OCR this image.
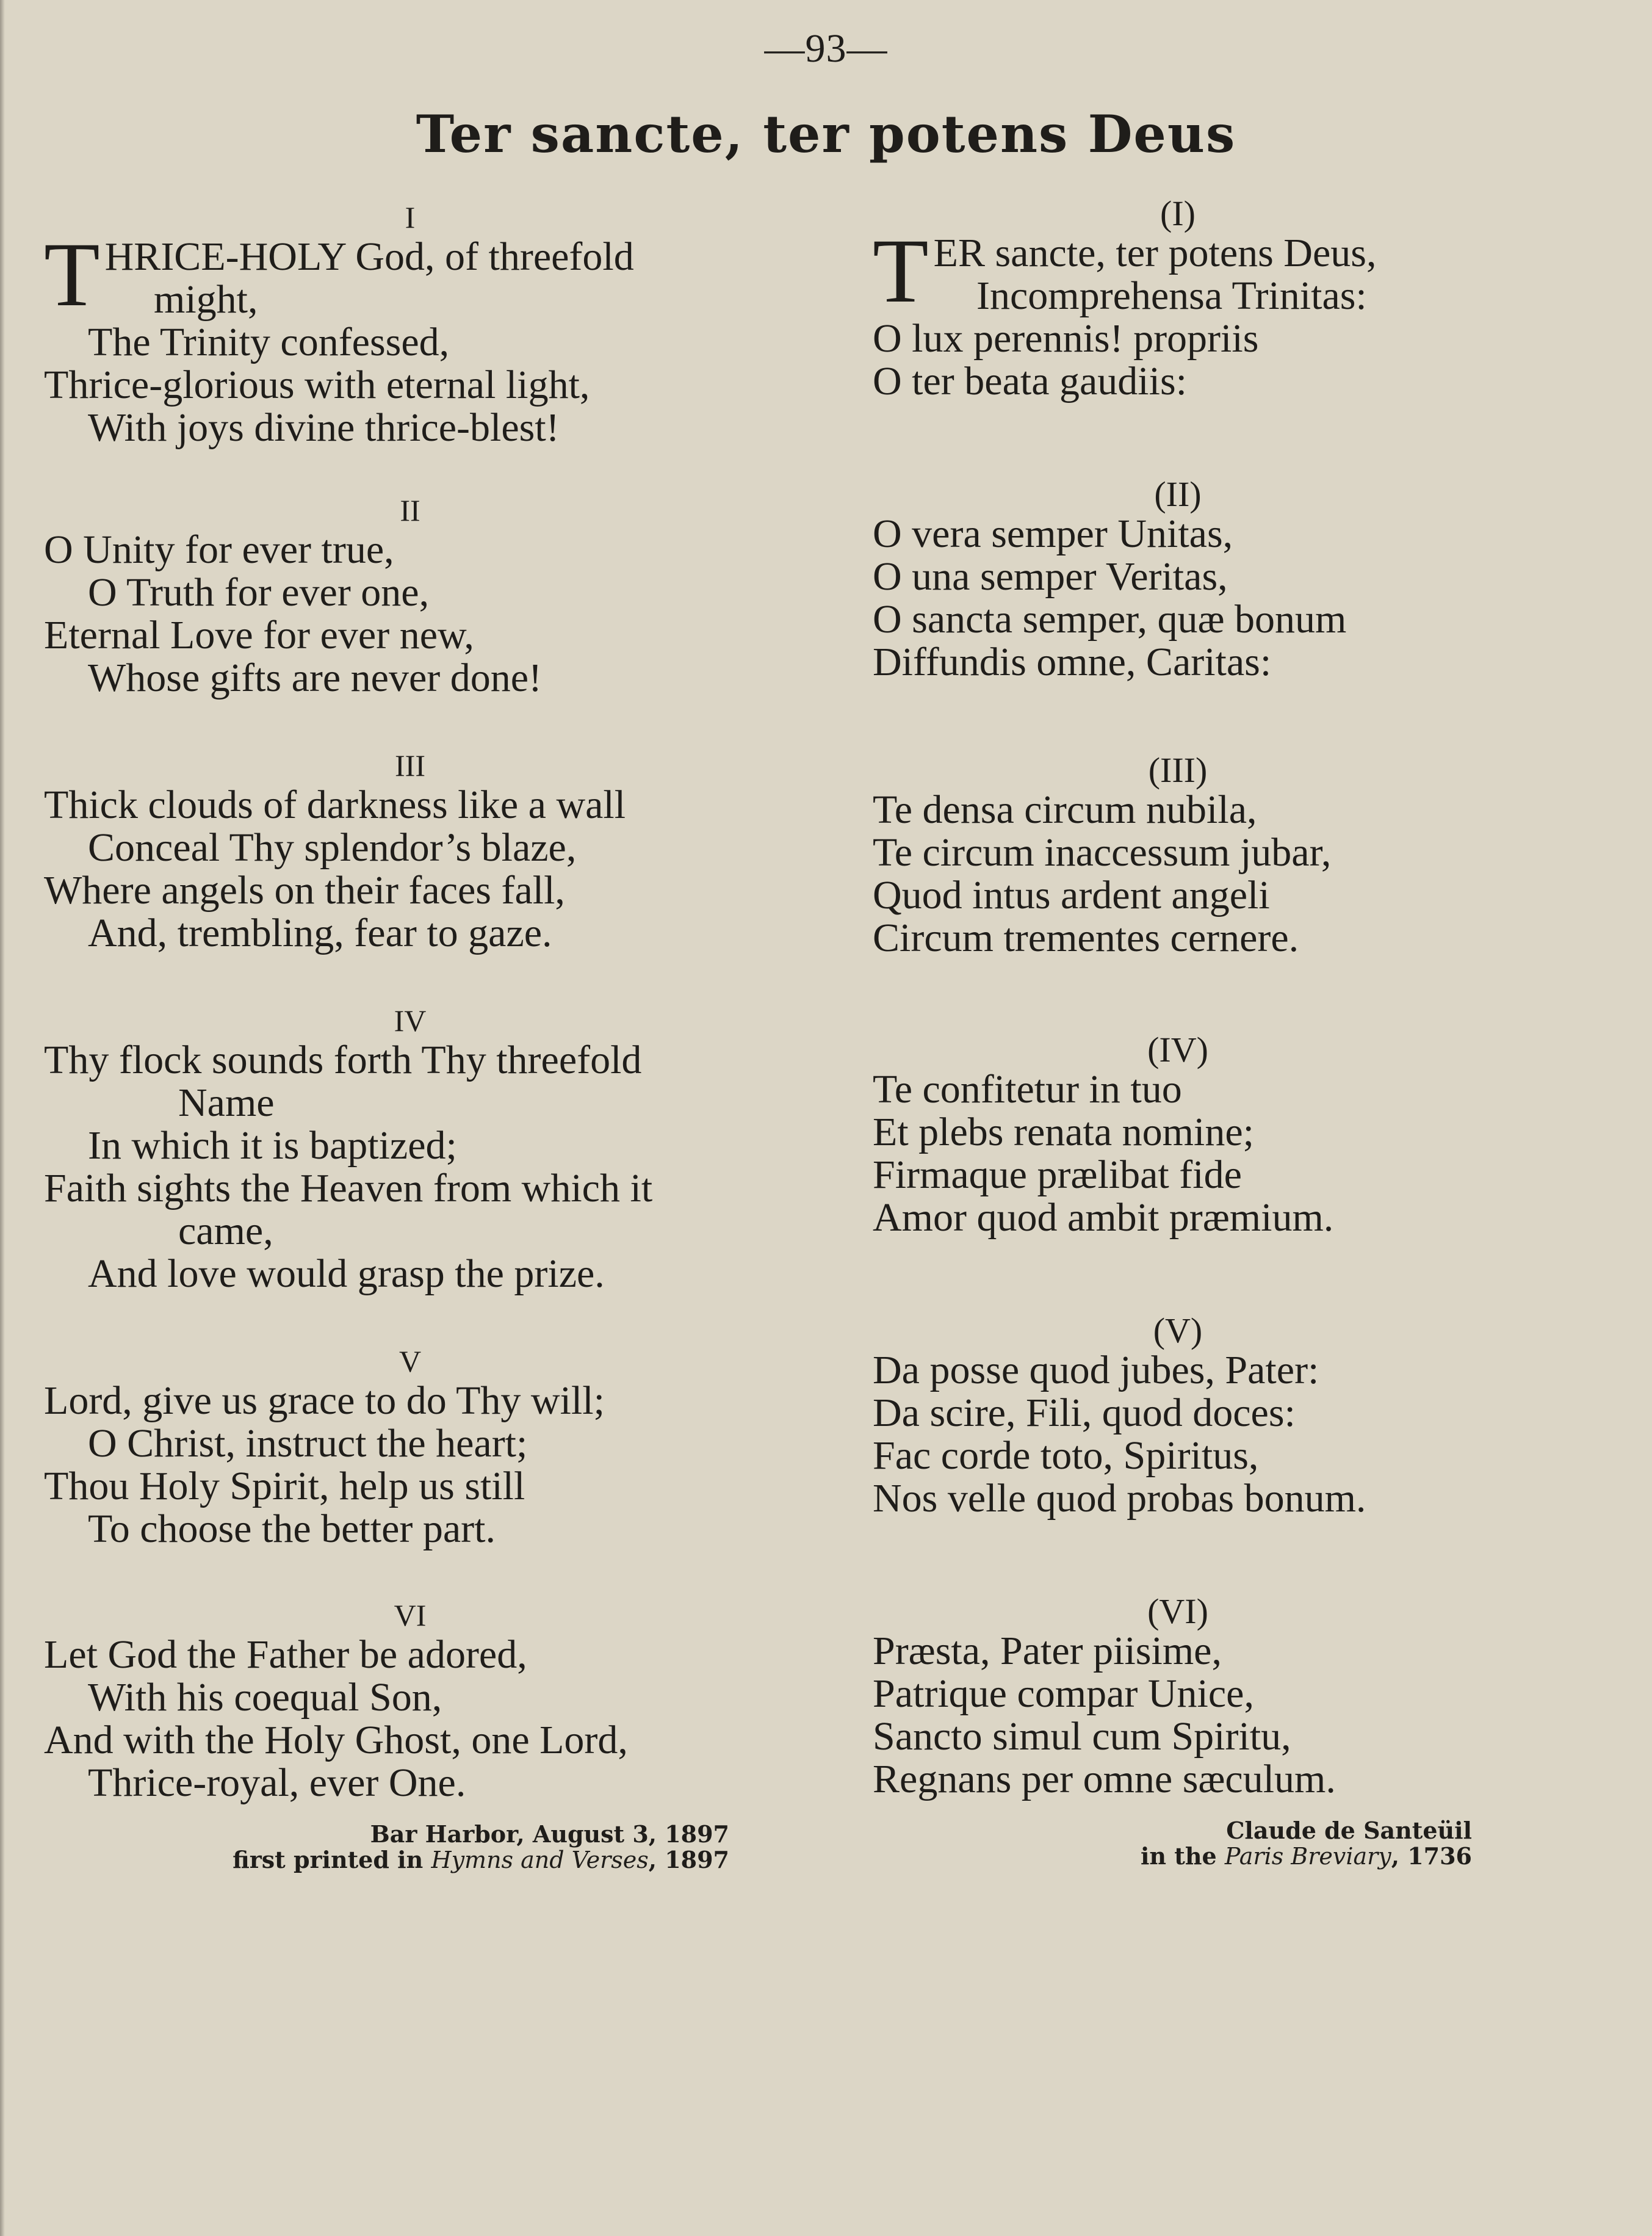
—93—
Ter sancte, ter potens Deus
I
T HRICE-HOLY God, of threefold
might,
The Trinity confessed,
Thrice-glorious with eternal light,
With joys divine thrice-blest!
II
O Unity for ever true,
O Truth for ever one,
Eternal Love for ever new,
Whose gifts are never done!
III
Thick clouds of darkness like a wall
Conceal Thy splendor’s blaze,
Where angels on their faces fall,
And, trembling, fear to gaze.
IV
Thy flock sounds forth Thy threefold
Name
In which it is baptized;
Faith sights the Heaven from which it
came,
And love would grasp the prize.
V
Lord, give us grace to do Thy will;
O Christ, instruct the heart;
Thou Holy Spirit, help us still
To choose the better part.
VI
Let God the Father be adored,
With his coequal Son,
And with the Holy Ghost, one Lord,
Thrice-royal, ever One.
Bar Harbor, August 3, 1897
first printed in Hymns and Verses, 1897
(I)
T ER sancte, ter potens Deus,
Incomprehensa Trinitas:
O lux perennis! propriis
O ter beata gaudiis:
(II)
O vera semper Unitas,
O una semper Veritas,
O sancta semper, quæ bonum
Diffundis omne, Caritas:
(III)
Te densa circum nubila,
Te circum inaccessum jubar,
Quod intus ardent angeli
Circum trementes cernere.
(IV)
Te confitetur in tuo
Et plebs renata nomine;
Firmaque prælibat fide
Amor quod ambit præmium.
(V)
Da posse quod jubes, Pater:
Da scire, Fili, quod doces:
Fac corde toto, Spiritus,
Nos velle quod probas bonum.
(VI)
Præsta, Pater piisime,
Patrique compar Unice,
Sancto simul cum Spiritu,
Regnans per omne sæculum.
Claude de Santeüil
in the Paris Breviary, 1736
